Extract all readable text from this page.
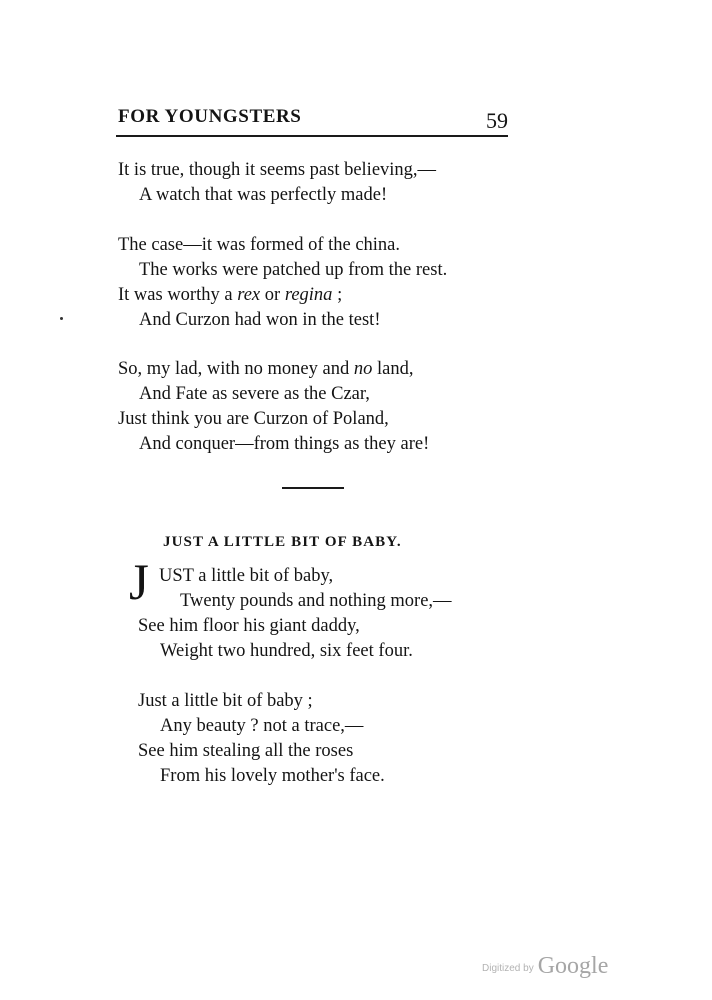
FOR YOUNGSTERS	59
It is true, though it seems past believing,—
A watch that was perfectly made!
The case—it was formed of the china.
The works were patched up from the rest.
It was worthy a rex or regina ;
And Curzon had won in the test!
So, my lad, with no money and no land,
And Fate as severe as the Czar,
Just think you are Curzon of Poland,
And conquer—from things as they are!
JUST A LITTLE BIT OF BABY.
J UST a little bit of baby,
Twenty pounds and nothing more,—
See him floor his giant daddy,
Weight two hundred, six feet four.
Just a little bit of baby ;
Any beauty ? not a trace,—
See him stealing all the roses
From his lovely mother's face.
Digitized by Google
